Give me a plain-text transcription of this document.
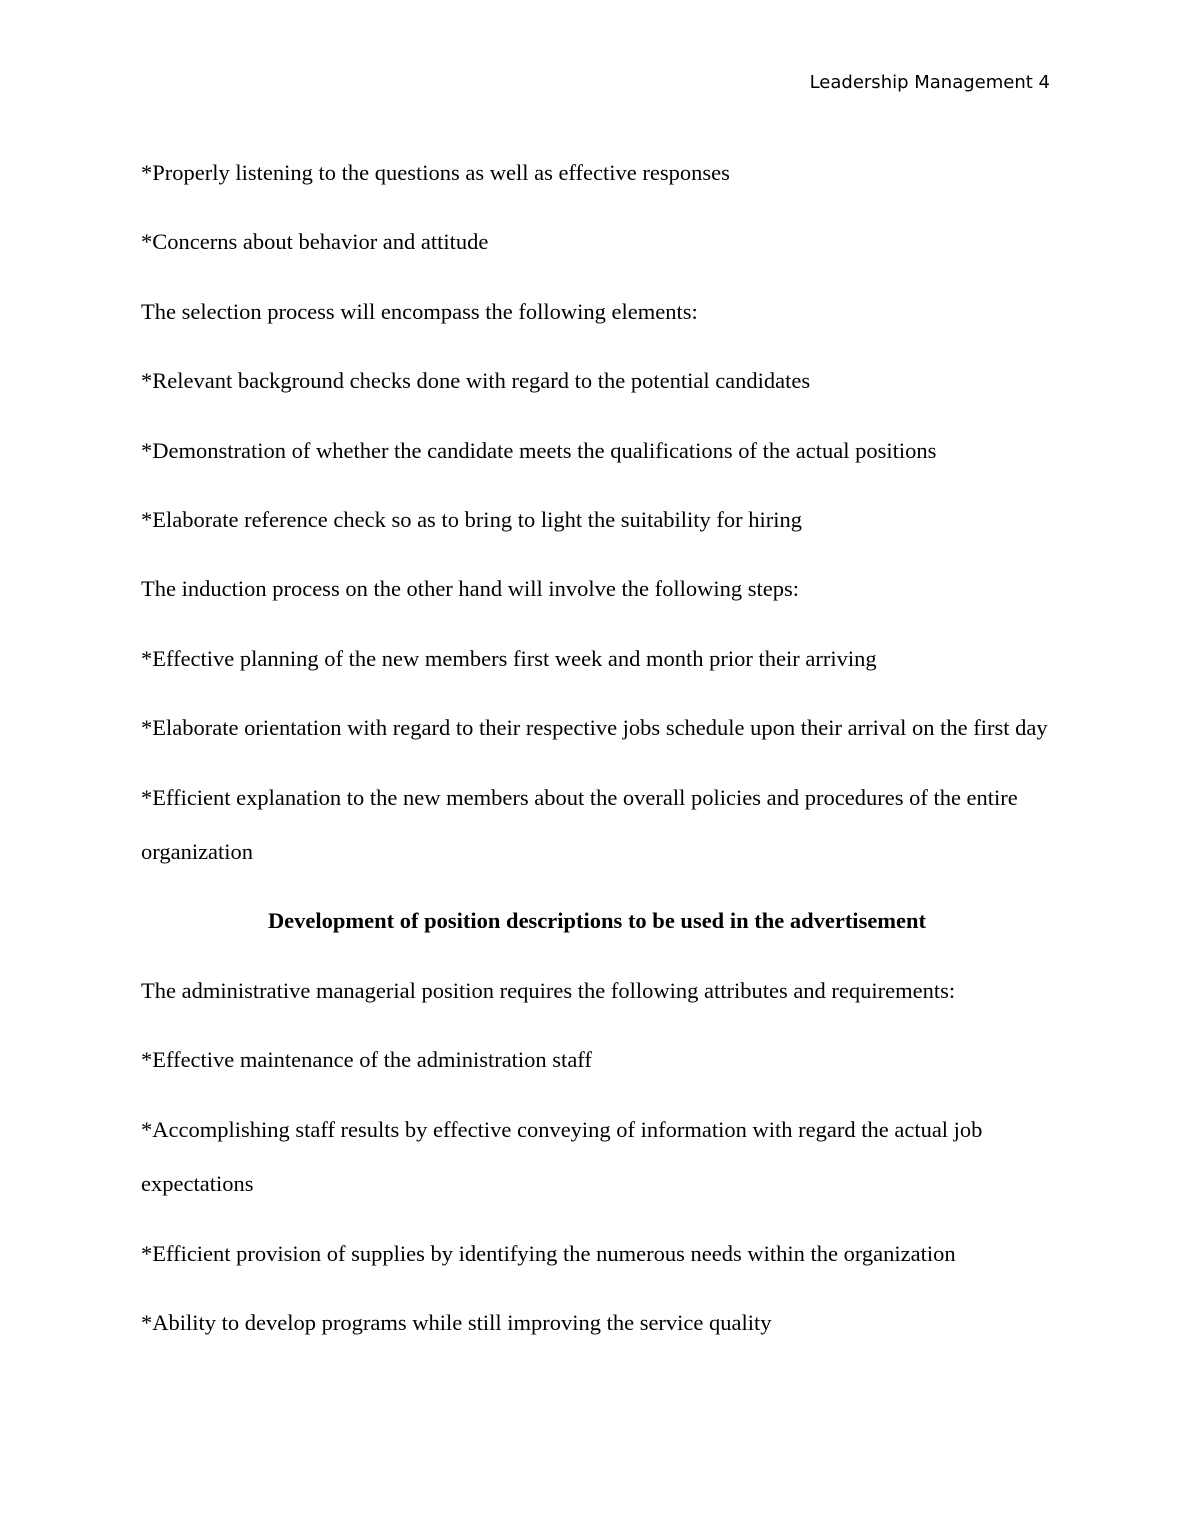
Leadership Management 4

*Properly listening to the questions as well as effective responses

*Concerns about behavior and attitude

The selection process will encompass the following elements:

*Relevant background checks done with regard to the potential candidates

*Demonstration of whether the candidate meets the qualifications of the actual positions

*Elaborate reference check so as to bring to light the suitability for hiring

The induction process on the other hand will involve the following steps:

*Effective planning of the new members first week and month prior their arriving

*Elaborate orientation with regard to their respective jobs schedule upon their arrival on the first day

*Efficient explanation to the new members about the overall policies and procedures of the entire organization

Development of position descriptions to be used in the advertisement

The administrative managerial position requires the following attributes and requirements:

*Effective maintenance of the administration staff

*Accomplishing staff results by effective conveying of information with regard the actual job expectations

*Efficient provision of supplies by identifying the numerous needs within the organization

*Ability to develop programs while still improving the service quality
